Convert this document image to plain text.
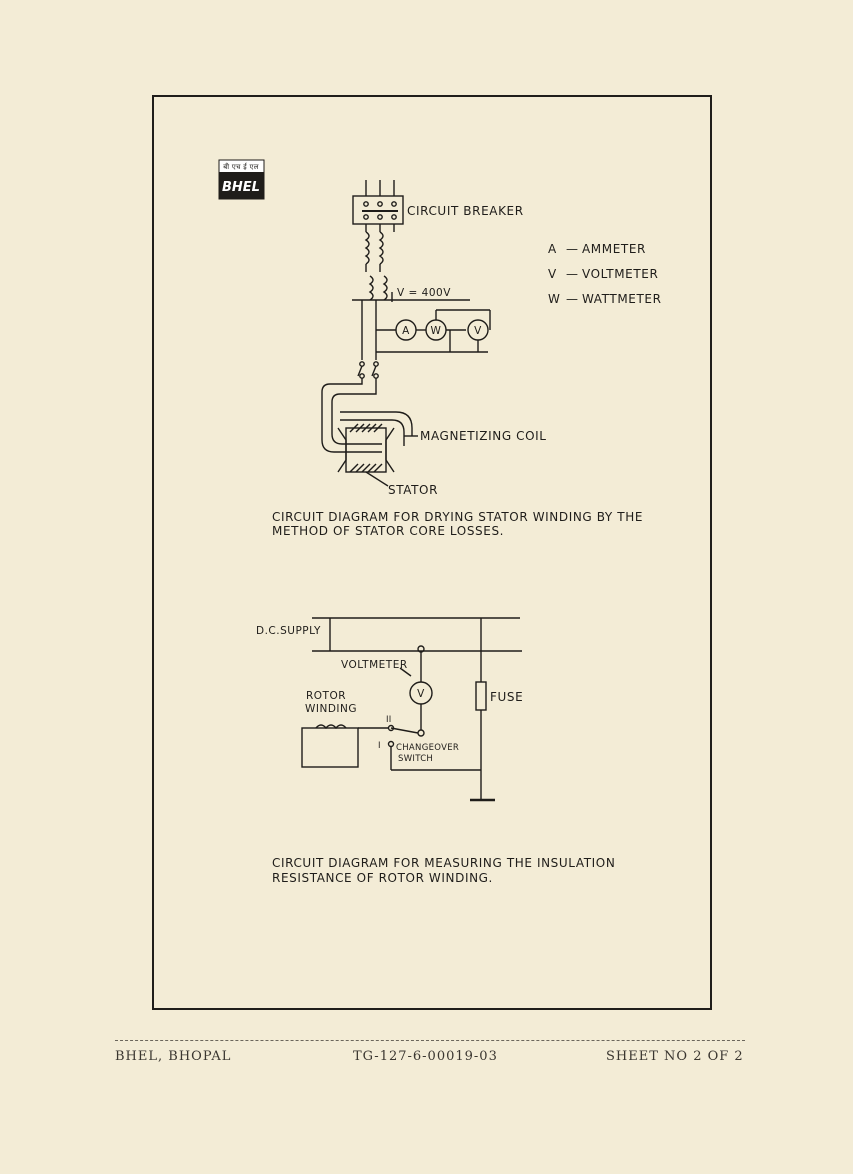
बी एच ई एल
BHEL
CIRCUIT BREAKER
V = 400V
A W	V
MAGNETIZING COIL
STATOR
CIRCUIT DIAGRAM FOR DRYING STATOR WINDING BY THE
METHOD OF STATOR CORE LOSSES.
A — AMMETER
V — VOLTMETER
W — WATTMETER
D.C.SUPPLY
VOLTMETER
V	FUSE
ROTOR
WINDING
II
I CHANGEOVER
SWITCH
CIRCUIT DIAGRAM FOR MEASURING THE INSULATION
RESISTANCE OF ROTOR WINDING.
BHEL, BHOPAL	TG-127-6-00019-03	SHEET NO 2 OF 2
